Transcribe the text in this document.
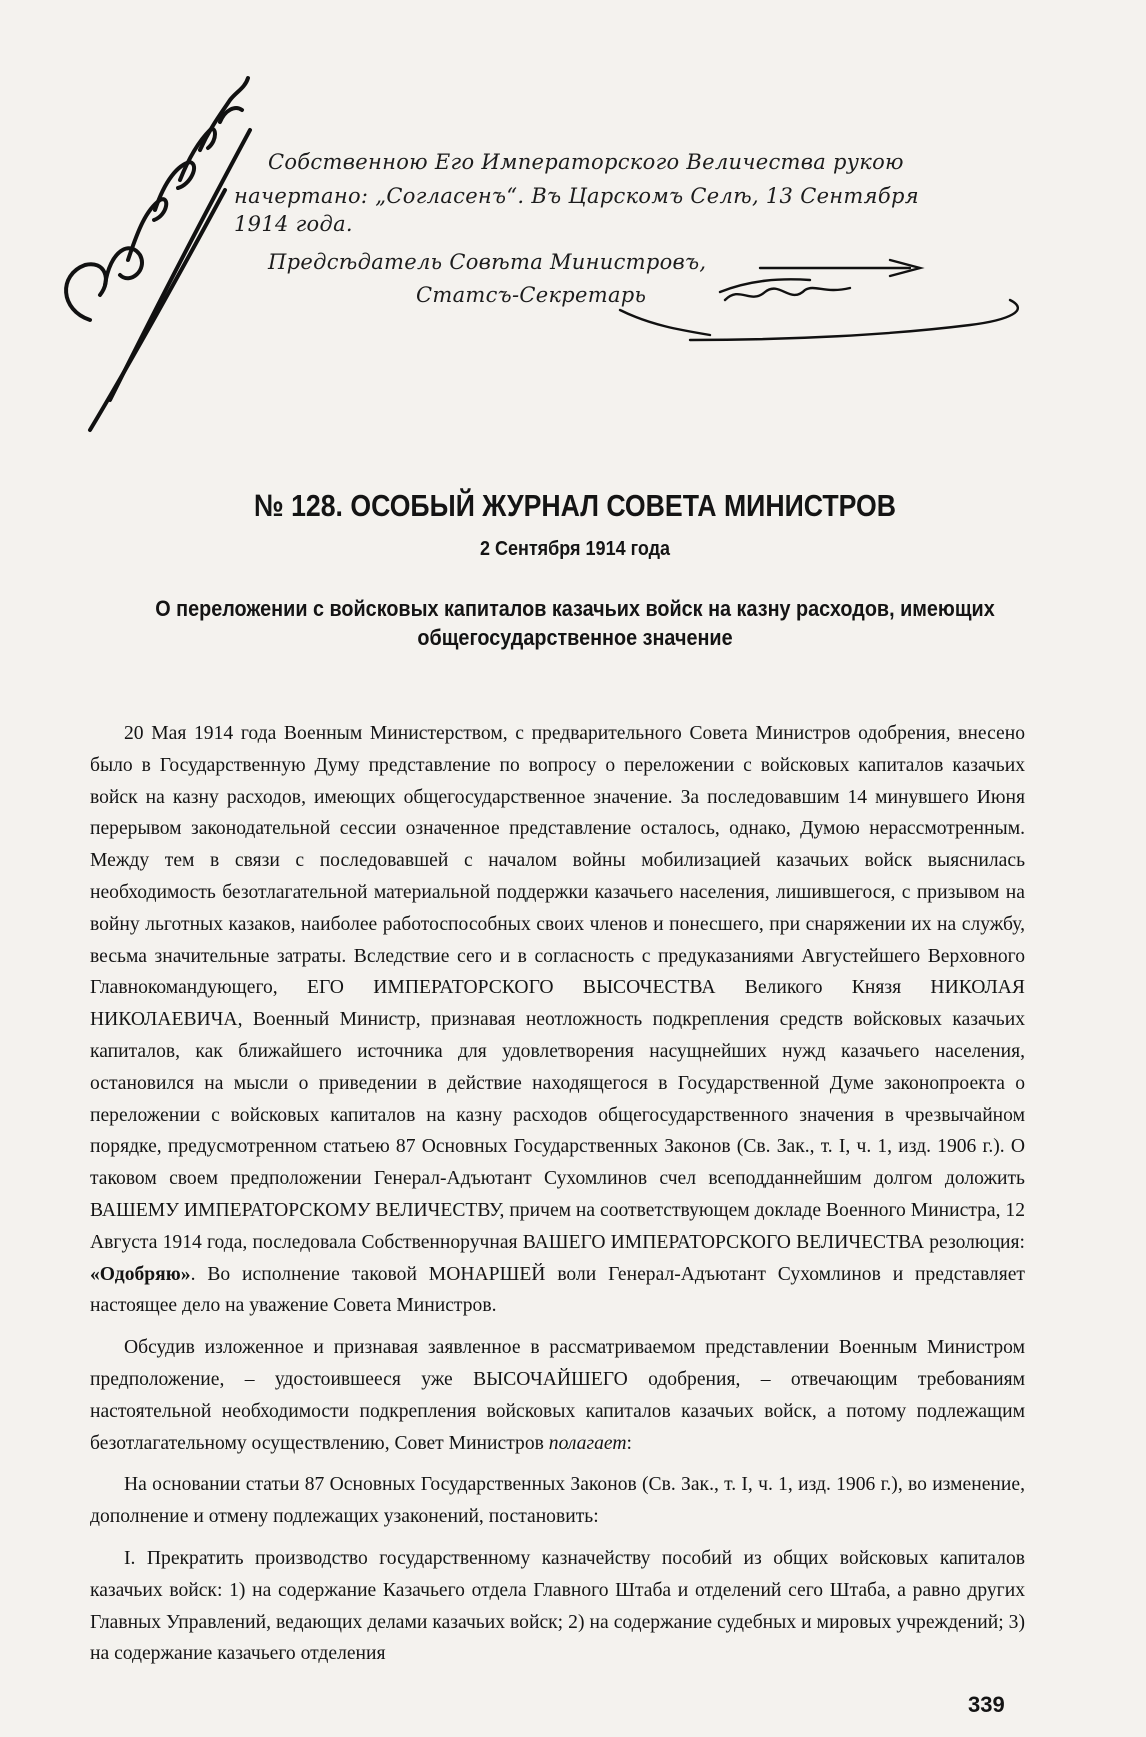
Собственною Его Императорского Величества рукою
начертано: „Согласенъ“. Въ Царскомъ Селѣ, 13 Сентября
1914 года.
Предсѣдатель Совѣта Министровъ,
Статсъ-Секретарь
№ 128. ОСОБЫЙ ЖУРНАЛ СОВЕТА МИНИСТРОВ
2 Сентября 1914 года
О переложении с войсковых капиталов казачьих войск на казну расходов, имеющих общегосударственное значение

20 Мая 1914 года Военным Министерством, с предварительного Совета Министров одобрения, внесено было в Государственную Думу представление по вопросу о переложении с войсковых капиталов казачьих войск на казну расходов, имеющих общегосударственное значение. За последовавшим 14 минувшего Июня перерывом законодательной сессии означенное представление осталось, однако, Думою нерассмотренным. Между тем в связи с последовавшей с началом войны мобилизацией казачьих войск выяснилась необходимость безотлагательной материальной поддержки казачьего населения, лишившегося, с призывом на войну льготных казаков, наиболее работоспособных своих членов и понесшего, при снаряжении их на службу, весьма значительные затраты. Вследствие сего и в согласность с предуказаниями Августейшего Верховного Главнокомандующего, ЕГО ИМПЕРАТОРСКОГО ВЫСОЧЕСТВА Великого Князя НИКОЛАЯ НИКОЛАЕВИЧА, Военный Министр, признавая неотложность подкрепления средств войсковых казачьих капиталов, как ближайшего источника для удовлетворения насущнейших нужд казачьего населения, остановился на мысли о приведении в действие находящегося в Государственной Думе законопроекта о переложении с войсковых капиталов на казну расходов общегосударственного значения в чрезвычайном порядке, предусмотренном статьею 87 Основных Государственных Законов (Св. Зак., т. I, ч. 1, изд. 1906 г.). О таковом своем предположении Генерал-Адъютант Сухомлинов счел всеподданнейшим долгом доложить ВАШЕМУ ИМПЕРАТОРСКОМУ ВЕЛИЧЕСТВУ, причем на соответствующем докладе Военного Министра, 12 Августа 1914 года, последовала Собственноручная ВАШЕГО ИМПЕРАТОРСКОГО ВЕЛИЧЕСТВА резолюция: «Одобряю». Во исполнение таковой МОНАРШЕЙ воли Генерал-Адъютант Сухомлинов и представляет настоящее дело на уважение Совета Министров.

Обсудив изложенное и признавая заявленное в рассматриваемом представлении Военным Министром предположение, – удостоившееся уже ВЫСОЧАЙШЕГО одобрения, – отвечающим требованиям настоятельной необходимости подкрепления войсковых капиталов казачьих войск, а потому подлежащим безотлагательному осуществлению, Совет Министров полагает:

На основании статьи 87 Основных Государственных Законов (Св. Зак., т. I, ч. 1, изд. 1906 г.), во изменение, дополнение и отмену подлежащих узаконений, постановить:

I. Прекратить производство государственному казначейству пособий из общих войсковых капиталов казачьих войск: 1) на содержание Казачьего отдела Главного Штаба и отделений сего Штаба, а равно других Главных Управлений, ведающих делами казачьих войск; 2) на содержание судебных и мировых учреждений; 3) на содержание казачьего отделения

339
